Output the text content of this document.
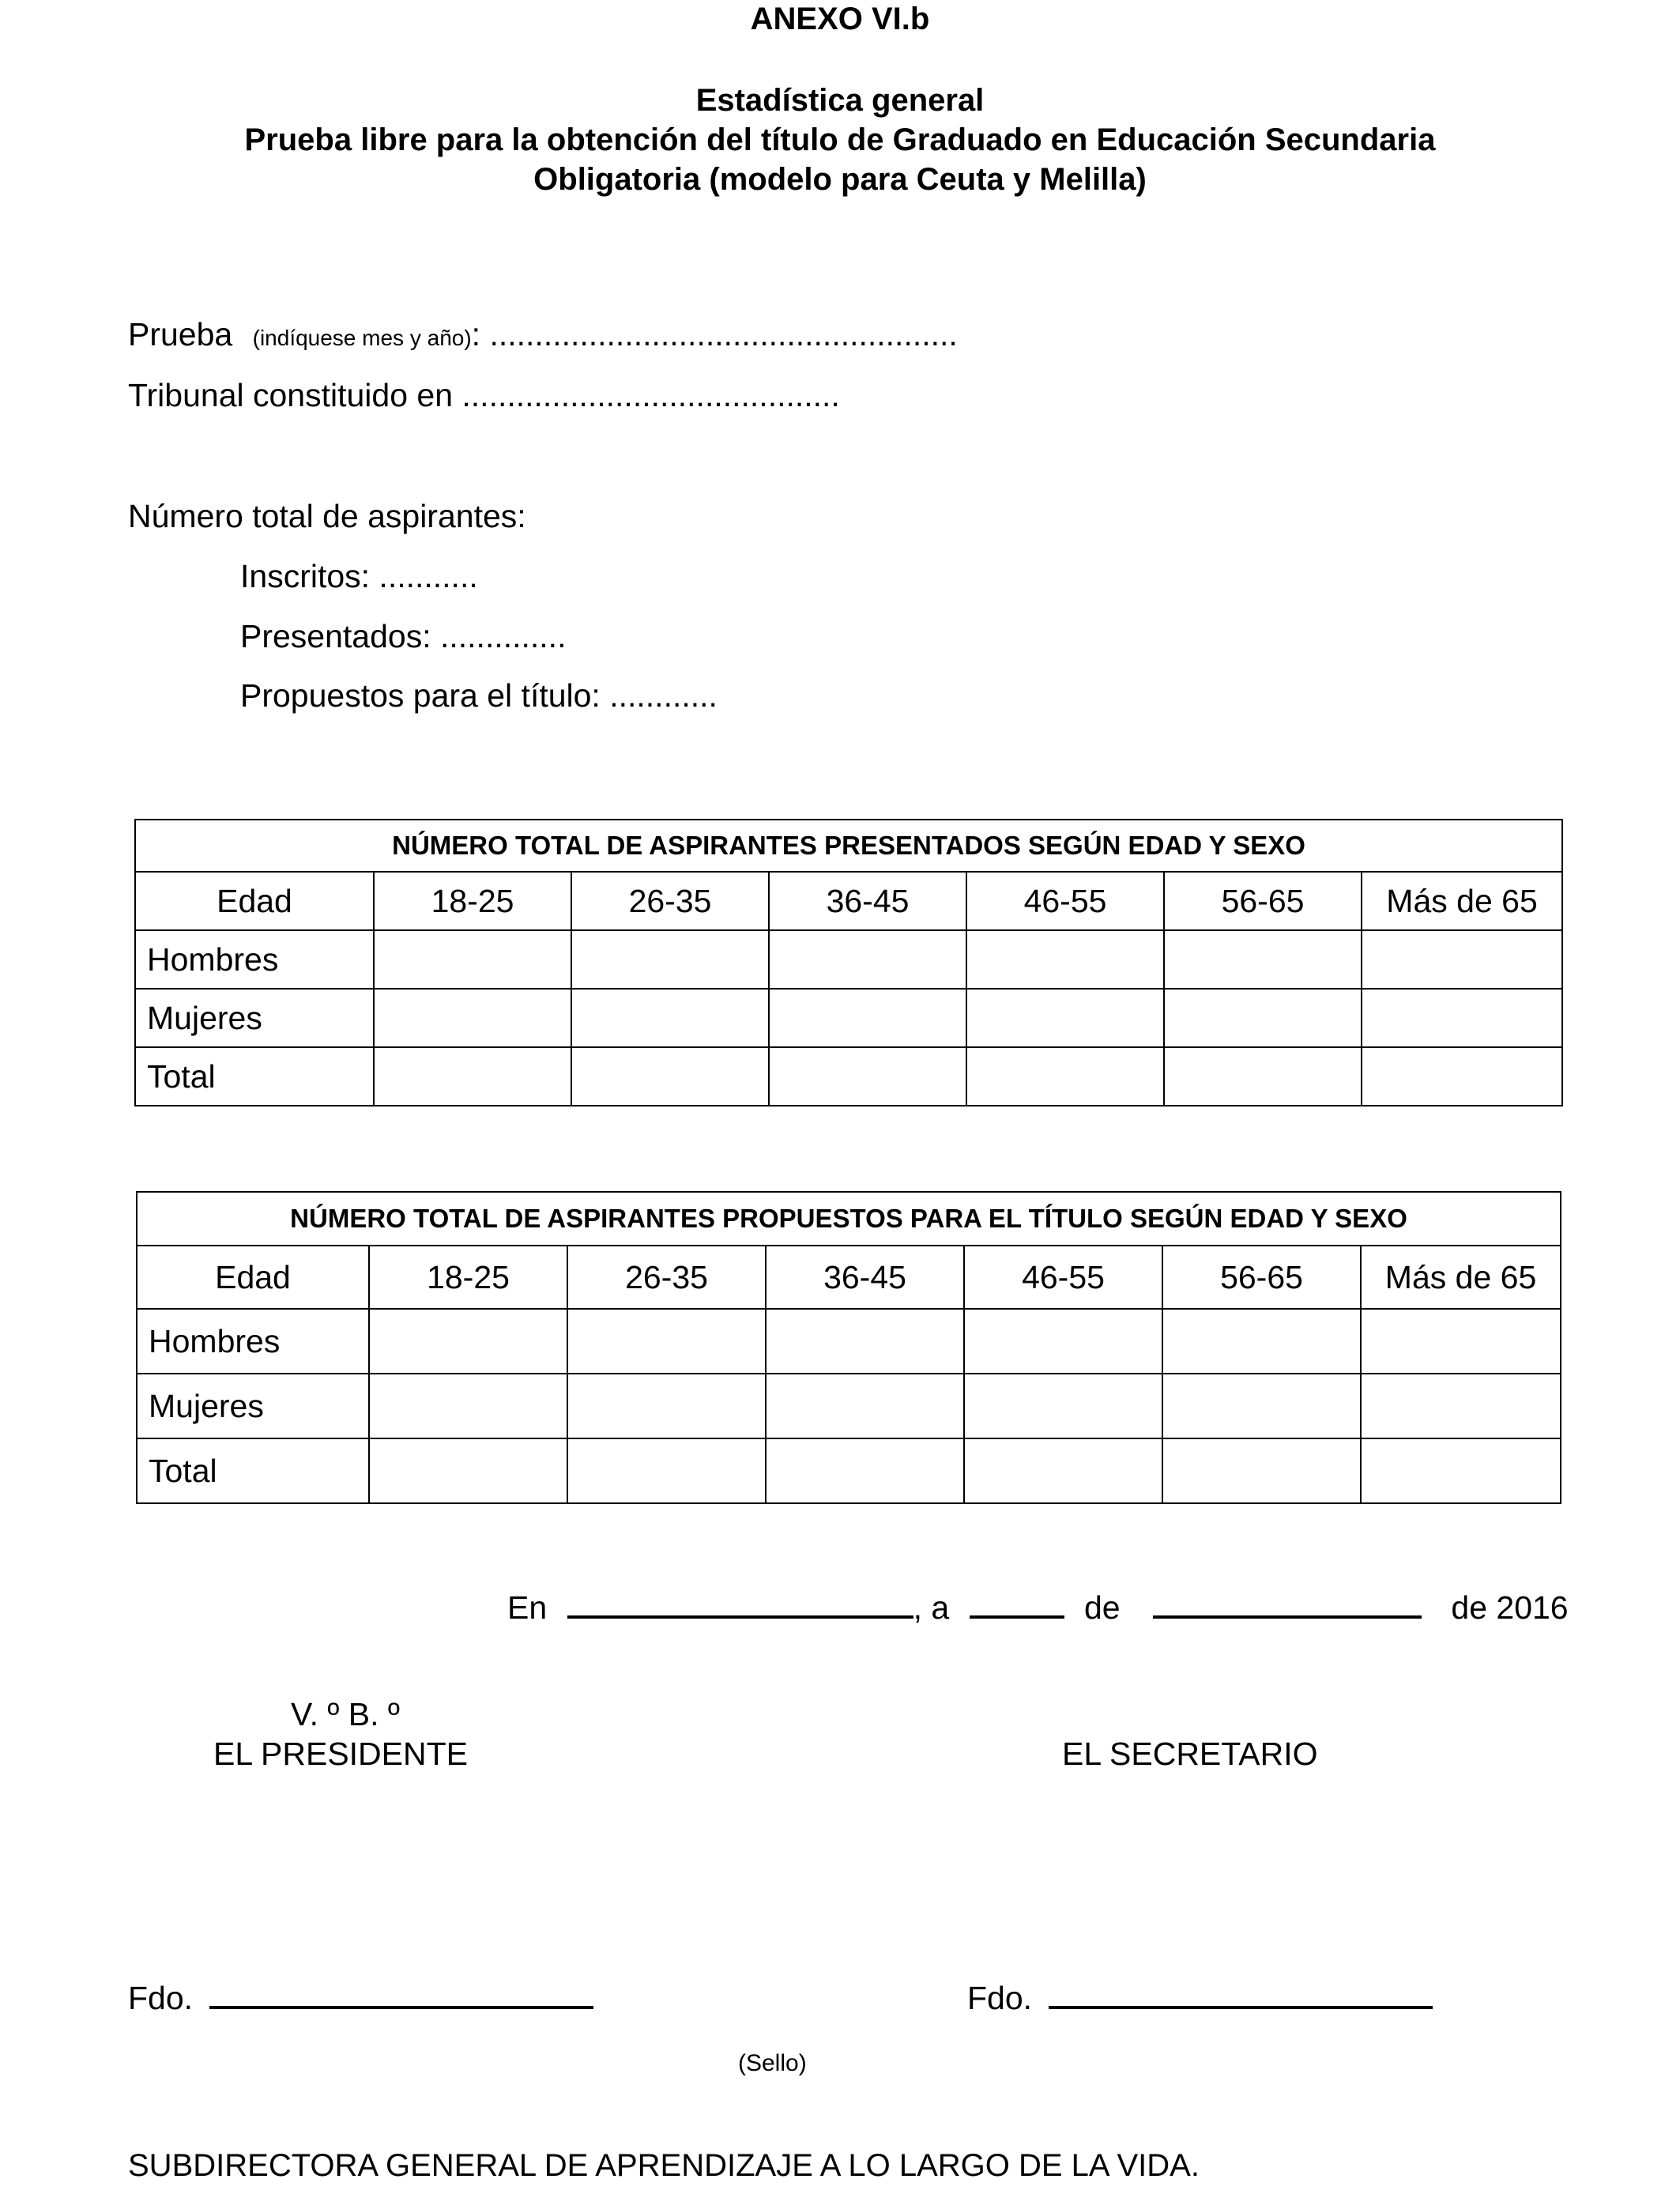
ANEXO VI.b
Estadística general
Prueba libre para la obtención del título de Graduado en Educación Secundaria
Obligatoria (modelo para Ceuta y Melilla)
Prueba (indíquese mes y año): ....................................................
Tribunal constituido en ..........................................
Número total de aspirantes:
Inscritos: ...........
Presentados: ..............
Propuestos para el título: ............
NÚMERO TOTAL DE ASPIRANTES PRESENTADOS SEGÚN EDAD Y SEXO						
Edad	18-25	26-35	36-45	46-55	56-65	Más de 65
Hombres						
Mujeres						
Total						
NÚMERO TOTAL DE ASPIRANTES PROPUESTOS PARA EL TÍTULO SEGÚN EDAD Y SEXO						
Edad	18-25	26-35	36-45	46-55	56-65	Más de 65
Hombres						
Mujeres						
Total						
En	, a	de	de 2016
V. º B. º
EL PRESIDENTE	EL SECRETARIO
Fdo.	Fdo.
(Sello)
SUBDIRECTORA GENERAL DE APRENDIZAJE A LO LARGO DE LA VIDA.
